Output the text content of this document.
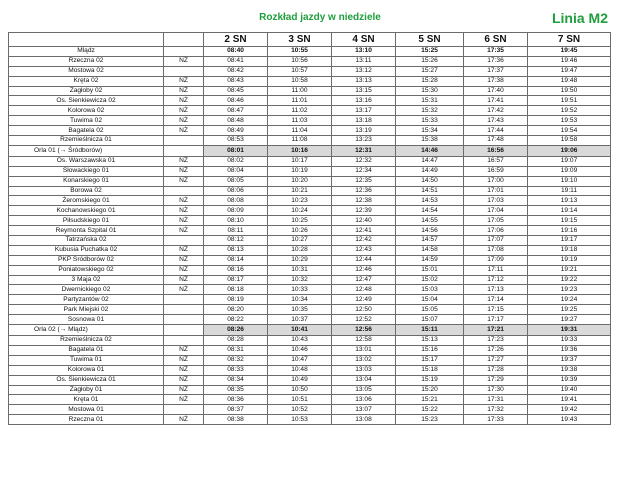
Rozkład jazdy w niedziele	Linia M2
		2 SN	3 SN	4 SN	5 SN	6 SN	7 SN
Mlądz		08:40	10:55	13:10	15:25	17:35	19:45
Rzeczna 02	NŻ	08:41	10:56	13:11	15:26	17:36	19:46
Mostowa 02		08:42	10:57	13:12	15:27	17:37	19:47
Kręta 02	NŻ	08:43	10:58	13:13	15:28	17:38	19:48
Zagłoby 02	NŻ	08:45	11:00	13:15	15:30	17:40	19:50
Os. Sienkiewicza 02	NŻ	08:46	11:01	13:16	15:31	17:41	19:51
Kolorowa 02	NŻ	08:47	11:02	13:17	15:32	17:42	19:52
Tuwima 02	NŻ	08:48	11:03	13:18	15:33	17:43	19:53
Bagatela 02	NŻ	08:49	11:04	13:19	15:34	17:44	19:54
Rzemieślnicza 01		08:53	11:08	13:23	15:38	17:48	19:58
Orla 01 (→ Śródborów)		08:01	10:16	12:31	14:46	16:56	19:06
Os. Warszawska 01	NŻ	08:02	10:17	12:32	14:47	16:57	19:07
Słowackiego 01	NŻ	08:04	10:19	12:34	14:49	16:59	19:09
Konarskiego 01	NŻ	08:05	10:20	12:35	14:50	17:00	19:10
Borowa 02		08:06	10:21	12:36	14:51	17:01	19:11
Żeromskiego 01	NŻ	08:08	10:23	12:38	14:53	17:03	19:13
Kochanowskiego 01	NŻ	08:09	10:24	12:39	14:54	17:04	19:14
Piłsudskiego 01	NŻ	08:10	10:25	12:40	14:55	17:05	19:15
Reymonta Szpital 01	NŻ	08:11	10:26	12:41	14:56	17:06	19:16
Tatrzańska 02		08:12	10:27	12:42	14:57	17:07	19:17
Kubusia Puchatka 02	NŻ	08:13	10:28	12:43	14:58	17:08	19:18
PKP Śródborów 02	NŻ	08:14	10:29	12:44	14:59	17:09	19:19
Poniatowskiego 02	NŻ	08:16	10:31	12:46	15:01	17:11	19:21
3 Maja 02	NŻ	08:17	10:32	12:47	15:02	17:12	19:22
Dwernickiego 02	NŻ	08:18	10:33	12:48	15:03	17:13	19:23
Partyzantów 02		08:19	10:34	12:49	15:04	17:14	19:24
Park Miejski 02		08:20	10:35	12:50	15:05	17:15	19:25
Sosnowa 01		08:22	10:37	12:52	15:07	17:17	19:27
Orla 02 (→ Mlądz)		08:26	10:41	12:56	15:11	17:21	19:31
Rzemieślnicza 02		08:28	10:43	12:58	15:13	17:23	19:33
Bagatela 01	NŻ	08:31	10:46	13:01	15:16	17:26	19:36
Tuwima 01	NŻ	08:32	10:47	13:02	15:17	17:27	19:37
Kolorowa 01	NŻ	08:33	10:48	13:03	15:18	17:28	19:38
Os. Sienkiewicza 01	NŻ	08:34	10:49	13:04	15:19	17:29	19:39
Zagłoby 01	NŻ	08:35	10:50	13:05	15:20	17:30	19:40
Kręta 01	NŻ	08:36	10:51	13:06	15:21	17:31	19:41
Mostowa 01		08:37	10:52	13:07	15:22	17:32	19:42
Rzeczna 01	NŻ	08:38	10:53	13:08	15:23	17:33	19:43
